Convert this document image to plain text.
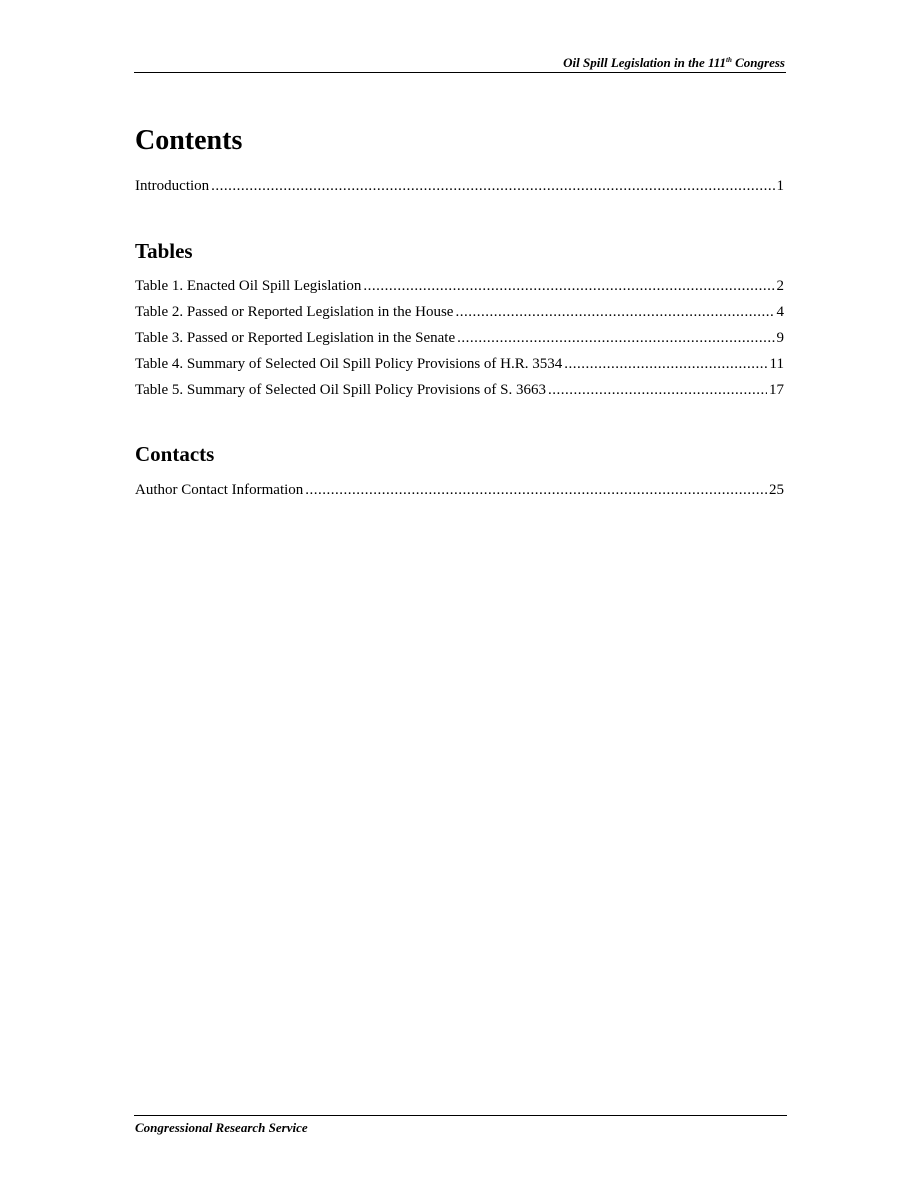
Oil Spill Legislation in the 111th Congress
Contents
Introduction .....	1
Tables
Table 1. Enacted Oil Spill Legislation .....	2
Table 2. Passed or Reported Legislation in the House .....	4
Table 3. Passed or Reported Legislation in the Senate .....	9
Table 4. Summary of Selected Oil Spill Policy Provisions of H.R. 3534 .....	11
Table 5. Summary of Selected Oil Spill Policy Provisions of S. 3663 .....	17
Contacts
Author Contact Information .....	25
Congressional Research Service
